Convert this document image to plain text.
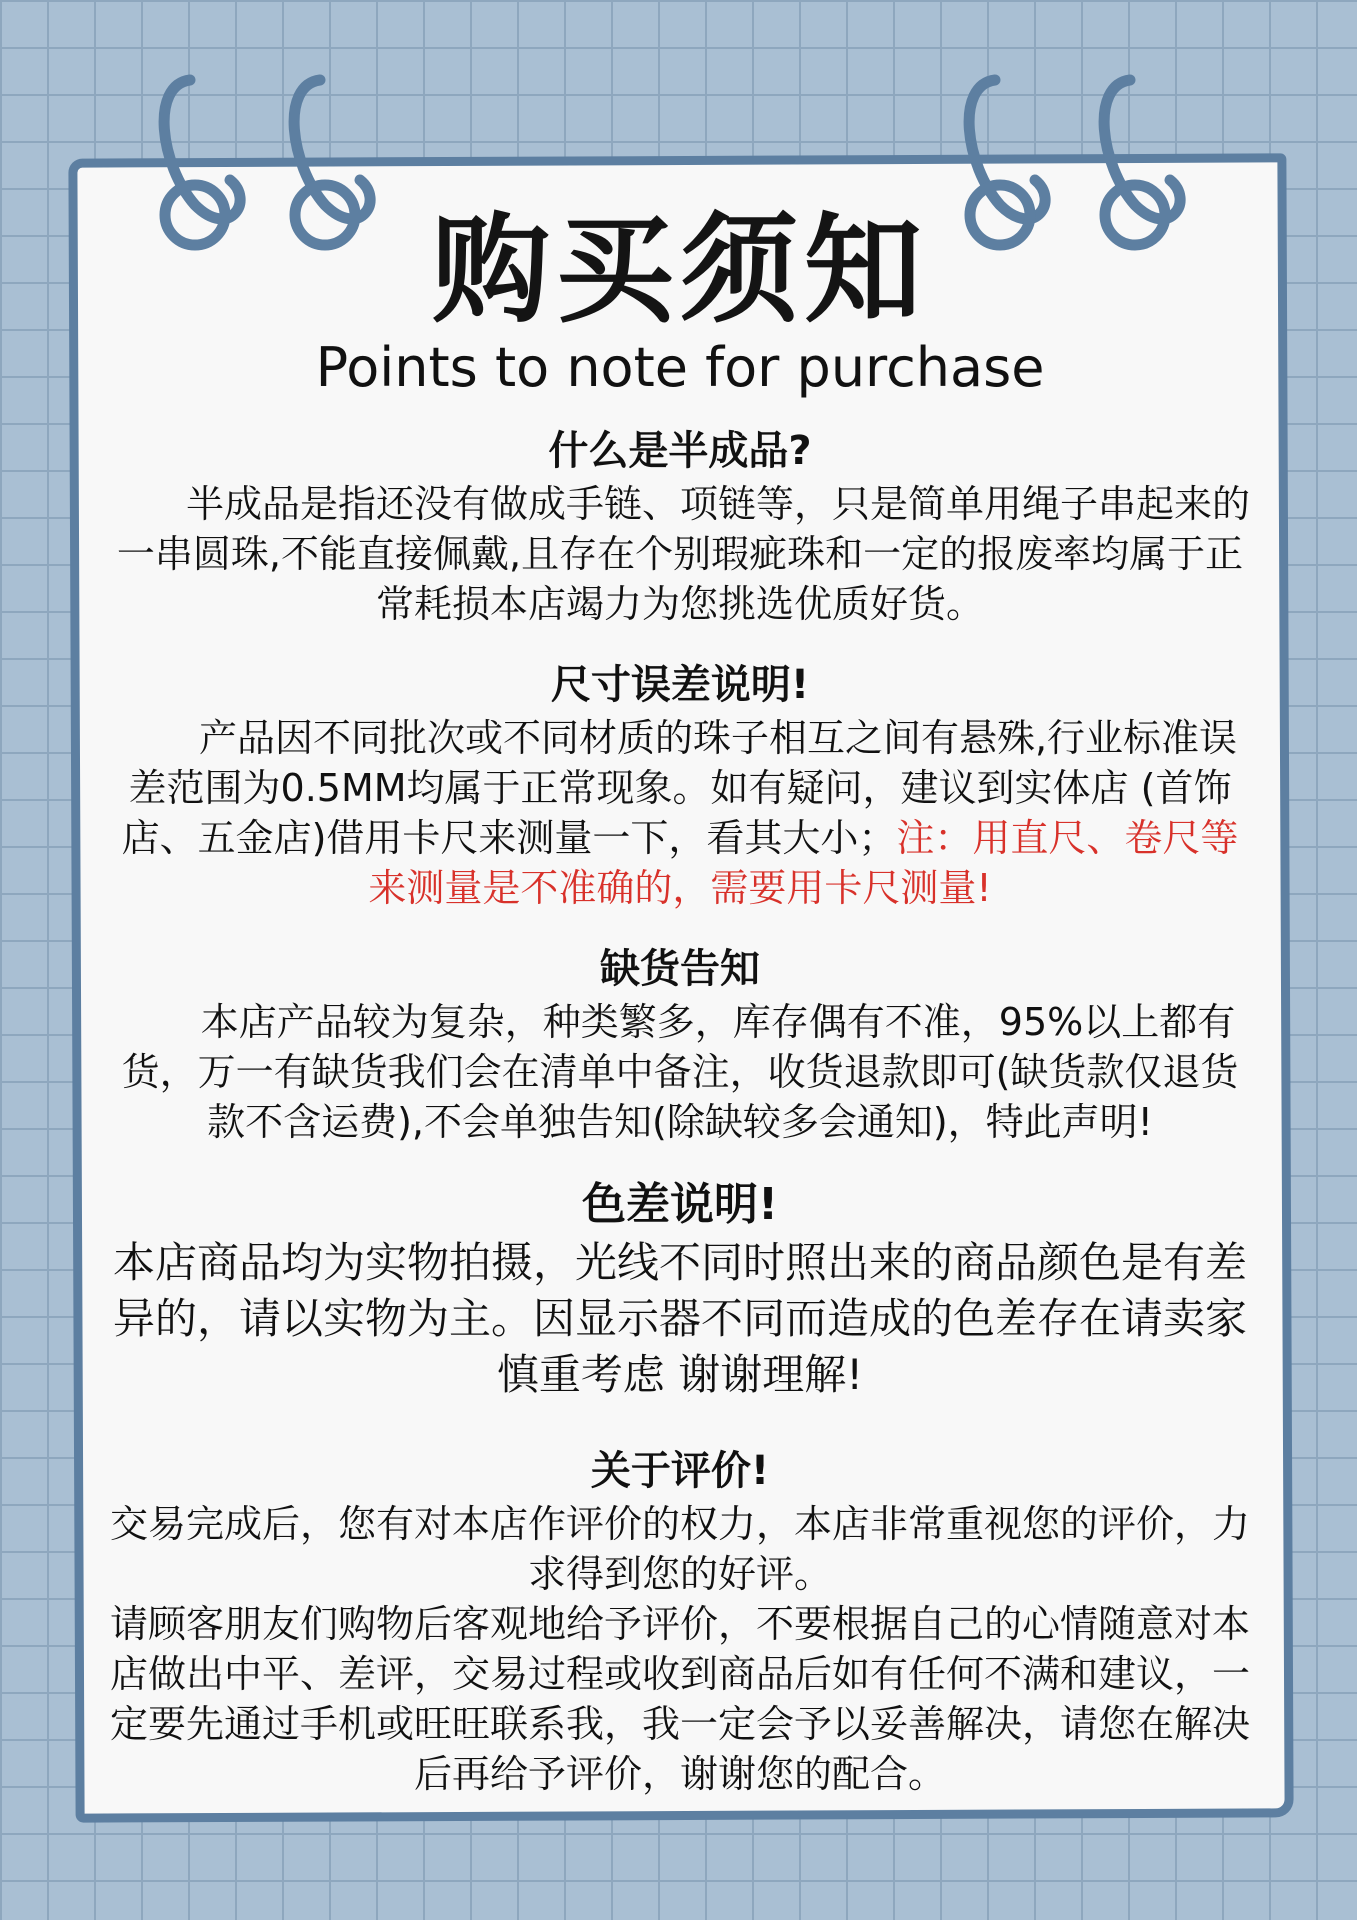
购买须知
Points to note for purchase
什么是半成品?

半成品是指还没有做成手链、项链等，只是简单用绳子串起来的一串圆珠,不能直接佩戴,且存在个别瑕疵珠和一定的报废率均属于正常耗损本店竭力为您挑选优质好货。

尺寸误差说明!

产品因不同批次或不同材质的珠子相互之间有悬殊,行业标准误差范围为0.5MM均属于正常现象。如有疑问，建议到实体店 (首饰店、五金店)借用卡尺来测量一下，看其大小；注：用直尺、卷尺等来测量是不准确的，需要用卡尺测量!

缺货告知

本店产品较为复杂，种类繁多，库存偶有不准，95%以上都有货，万一有缺货我们会在清单中备注，收货退款即可(缺货款仅退货款不含运费),不会单独告知(除缺较多会通知)，特此声明!

色差说明!

本店商品均为实物拍摄，光线不同时照出来的商品颜色是有差异的，请以实物为主。因显示器不同而造成的色差存在请卖家慎重考虑 谢谢理解!

关于评价!

交易完成后，您有对本店作评价的权力，本店非常重视您的评价，力求得到您的好评。

请顾客朋友们购物后客观地给予评价，不要根据自己的心情随意对本店做出中平、差评，交易过程或收到商品后如有任何不满和建议，一定要先通过手机或旺旺联系我，我一定会予以妥善解决，请您在解决后再给予评价，谢谢您的配合。
